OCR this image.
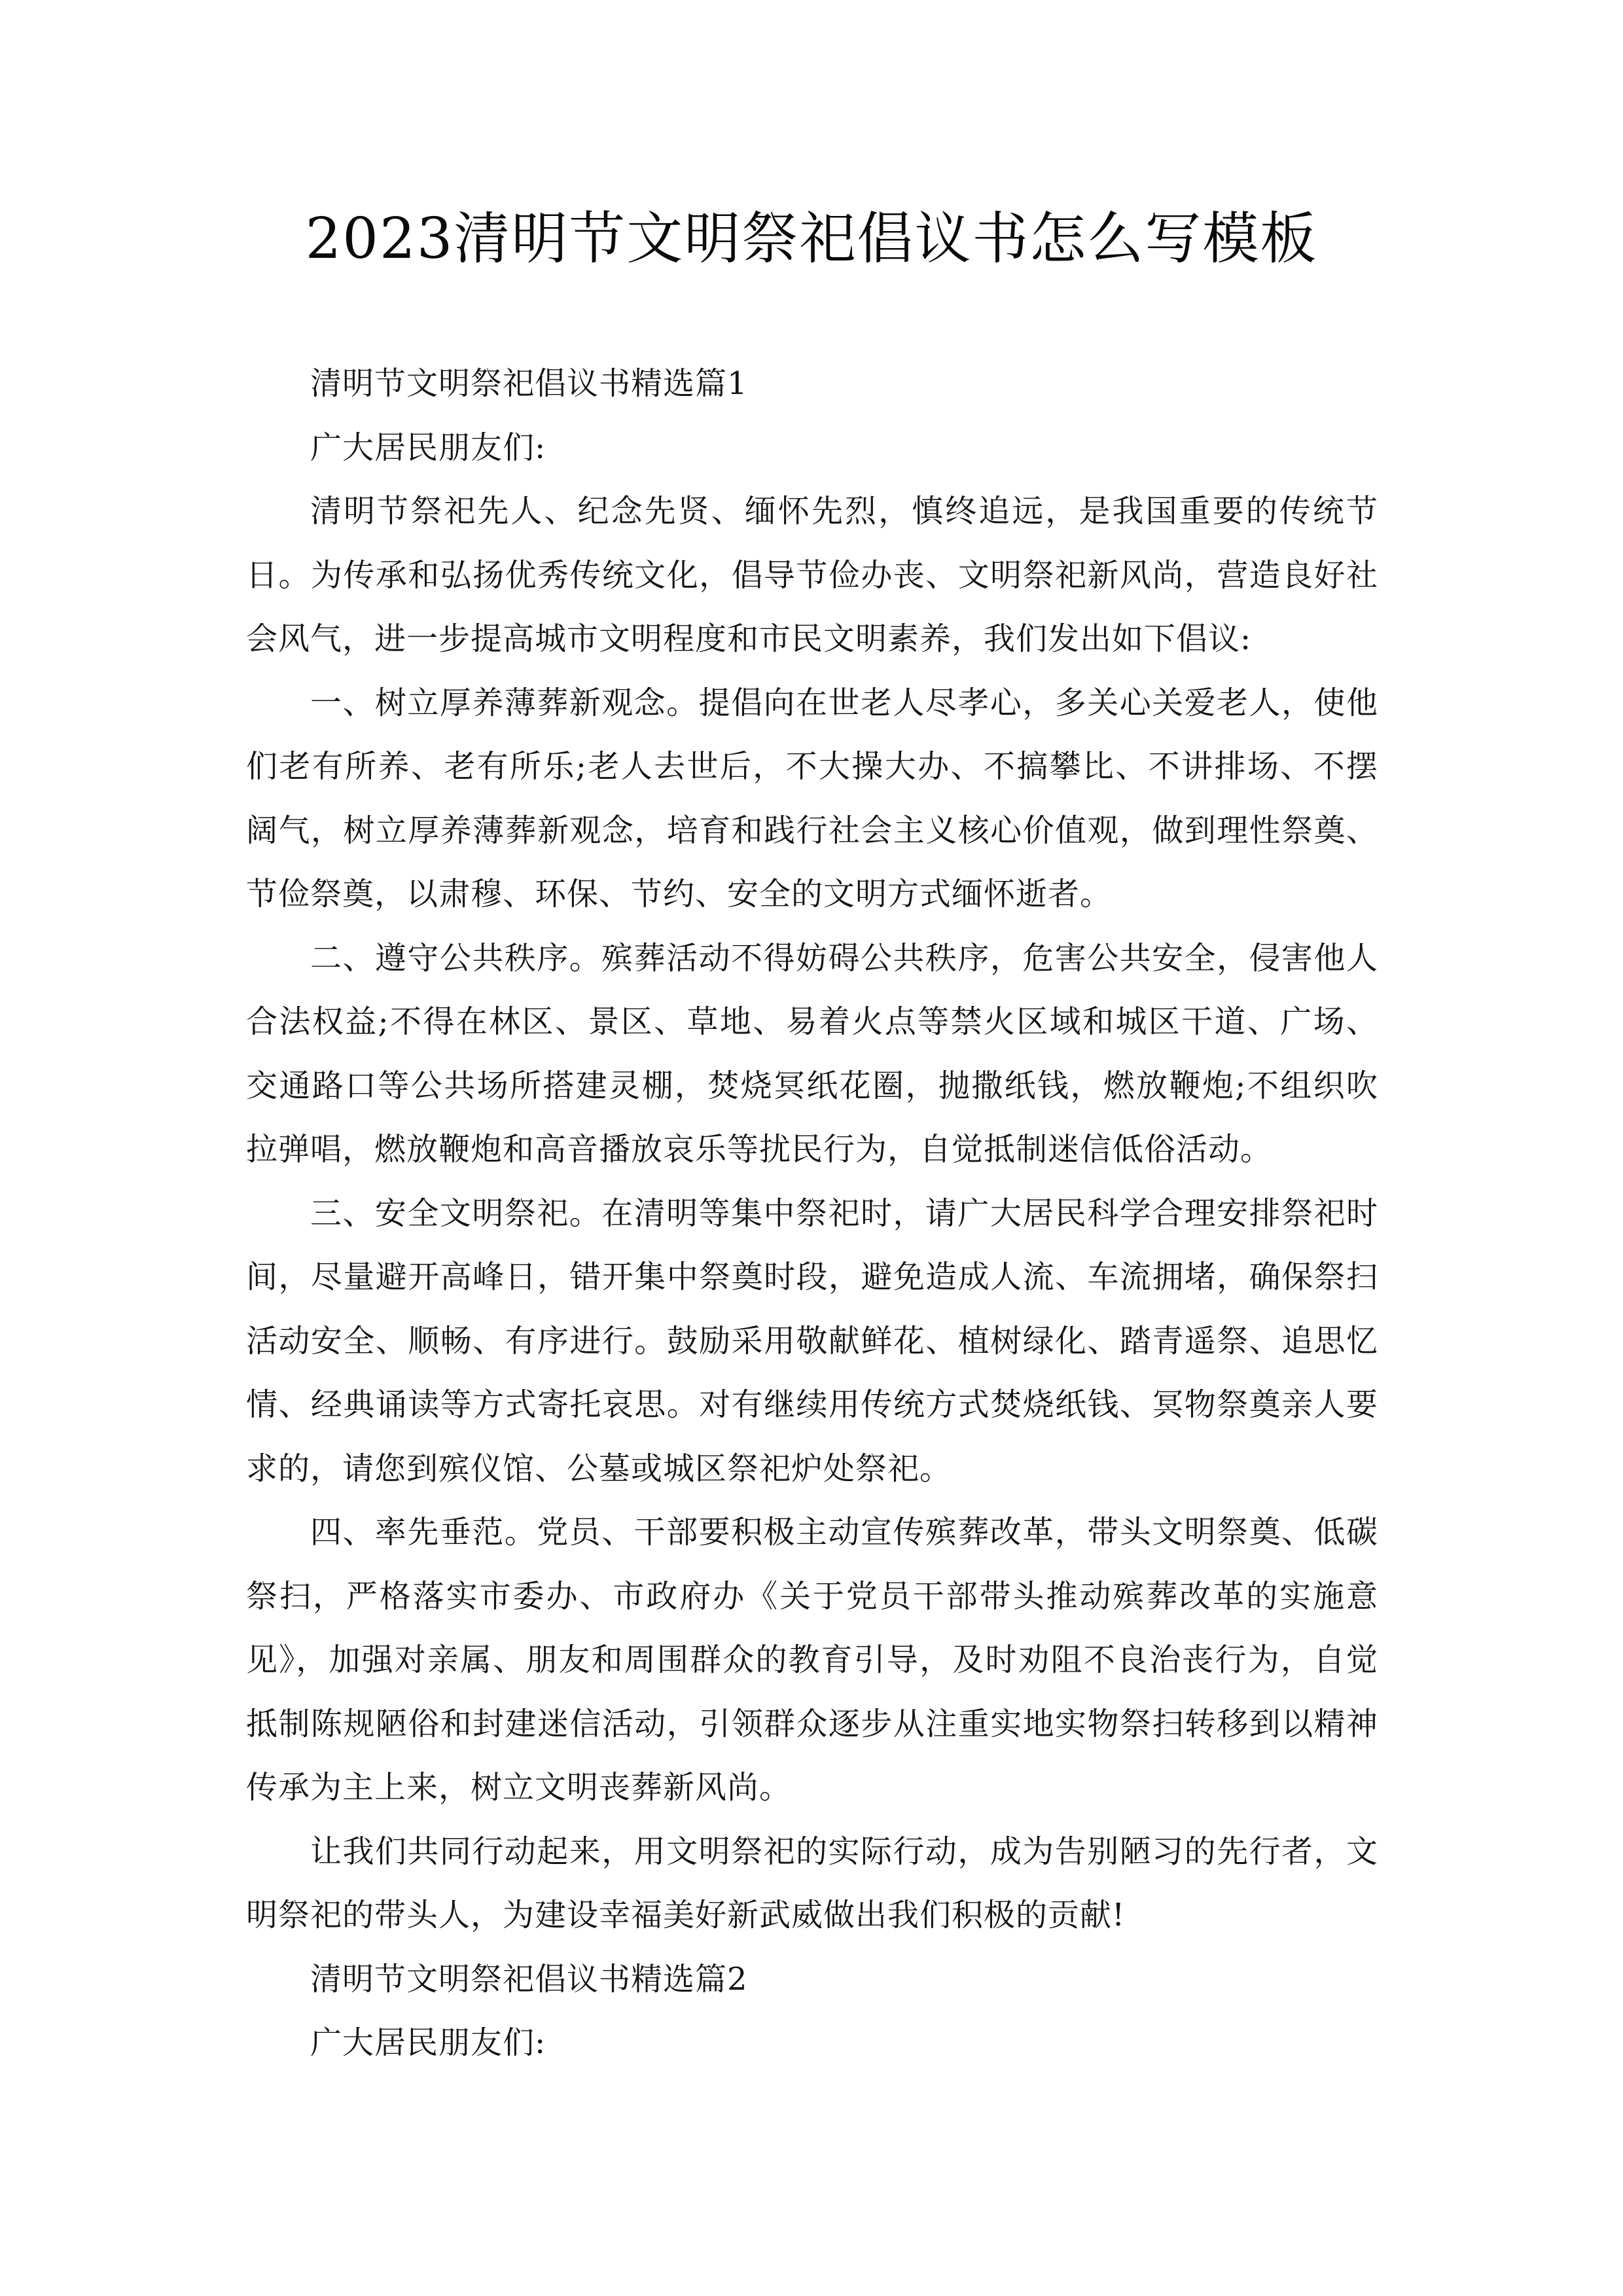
2023清明节文明祭祀倡议书怎么写模板

清明节文明祭祀倡议书精选篇1

广大居民朋友们:

清明节祭祀先人、纪念先贤、缅怀先烈，慎终追远，是我国重要的传统节日。为传承和弘扬优秀传统文化，倡导节俭办丧、文明祭祀新风尚，营造良好社会风气，进一步提高城市文明程度和市民文明素养，我们发出如下倡议:

一、树立厚养薄葬新观念。提倡向在世老人尽孝心，多关心关爱老人，使他们老有所养、老有所乐;老人去世后，不大操大办、不搞攀比、不讲排场、不摆阔气，树立厚养薄葬新观念，培育和践行社会主义核心价值观，做到理性祭奠、节俭祭奠，以肃穆、环保、节约、安全的文明方式缅怀逝者。

二、遵守公共秩序。殡葬活动不得妨碍公共秩序，危害公共安全，侵害他人合法权益;不得在林区、景区、草地、易着火点等禁火区域和城区干道、广场、交通路口等公共场所搭建灵棚，焚烧冥纸花圈，抛撒纸钱，燃放鞭炮;不组织吹拉弹唱，燃放鞭炮和高音播放哀乐等扰民行为，自觉抵制迷信低俗活动。

三、安全文明祭祀。在清明等集中祭祀时，请广大居民科学合理安排祭祀时间，尽量避开高峰日，错开集中祭奠时段，避免造成人流、车流拥堵，确保祭扫活动安全、顺畅、有序进行。鼓励采用敬献鲜花、植树绿化、踏青遥祭、追思忆情、经典诵读等方式寄托哀思。对有继续用传统方式焚烧纸钱、冥物祭奠亲人要求的，请您到殡仪馆、公墓或城区祭祀炉处祭祀。

四、率先垂范。党员、干部要积极主动宣传殡葬改革，带头文明祭奠、低碳祭扫，严格落实市委办、市政府办《关于党员干部带头推动殡葬改革的实施意见》，加强对亲属、朋友和周围群众的教育引导，及时劝阻不良治丧行为，自觉抵制陈规陋俗和封建迷信活动，引领群众逐步从注重实地实物祭扫转移到以精神传承为主上来，树立文明丧葬新风尚。

让我们共同行动起来，用文明祭祀的实际行动，成为告别陋习的先行者，文明祭祀的带头人，为建设幸福美好新武威做出我们积极的贡献!

清明节文明祭祀倡议书精选篇2

广大居民朋友们:
